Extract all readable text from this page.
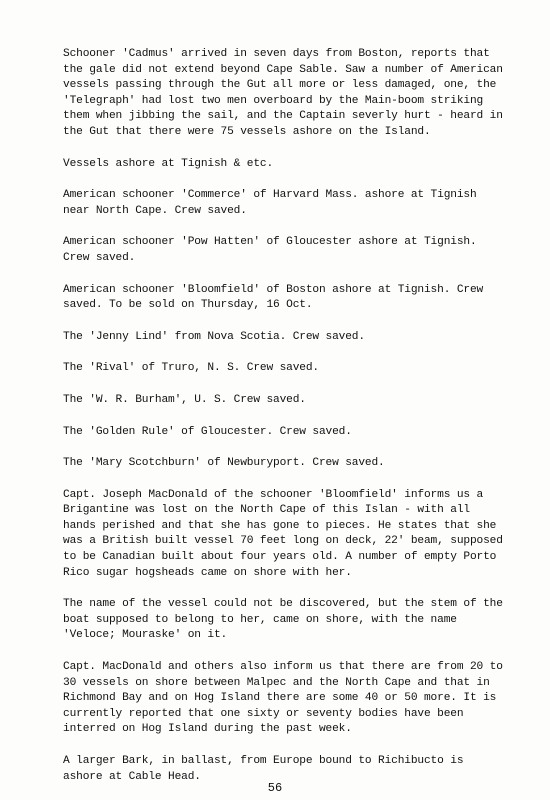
Schooner 'Cadmus' arrived in seven days from Boston, reports that the gale did not extend beyond Cape Sable. Saw a number of American vessels passing through the Gut all more or less damaged, one, the 'Telegraph' had lost two men overboard by the Main-boom striking them when jibbing the sail, and the Captain severly hurt - heard in the Gut that there were 75 vessels ashore on the Island.

Vessels ashore at Tignish & etc.

American schooner 'Commerce' of Harvard Mass. ashore at Tignish near North Cape. Crew saved.

American schooner 'Pow Hatten' of Gloucester ashore at Tignish. Crew saved.

American schooner 'Bloomfield' of Boston ashore at Tignish. Crew saved. To be sold on Thursday, 16 Oct.

The 'Jenny Lind' from Nova Scotia. Crew saved.

The 'Rival' of Truro, N. S. Crew saved.

The 'W. R. Burham', U. S. Crew saved.

The 'Golden Rule' of Gloucester. Crew saved.

The 'Mary Scotchburn' of Newburyport. Crew saved.

Capt. Joseph MacDonald of the schooner 'Bloomfield' informs us a Brigantine was lost on the North Cape of this Islan - with all hands perished and that she has gone to pieces. He states that she was a British built vessel 70 feet long on deck, 22' beam, supposed to be Canadian built about four years old. A number of empty Porto Rico sugar hogsheads came on shore with her.

The name of the vessel could not be discovered, but the stem of the boat supposed to belong to her, came on shore, with the name 'Veloce; Mouraske' on it.

Capt. MacDonald and others also inform us that there are from 20 to 30 vessels on shore between Malpec and the North Cape and that in Richmond Bay and on Hog Island there are some 40 or 50 more. It is currently reported that one sixty or seventy bodies have been interred on Hog Island during the past week.

A larger Bark, in ballast, from Europe bound to Richibucto is ashore at Cable Head.

56
